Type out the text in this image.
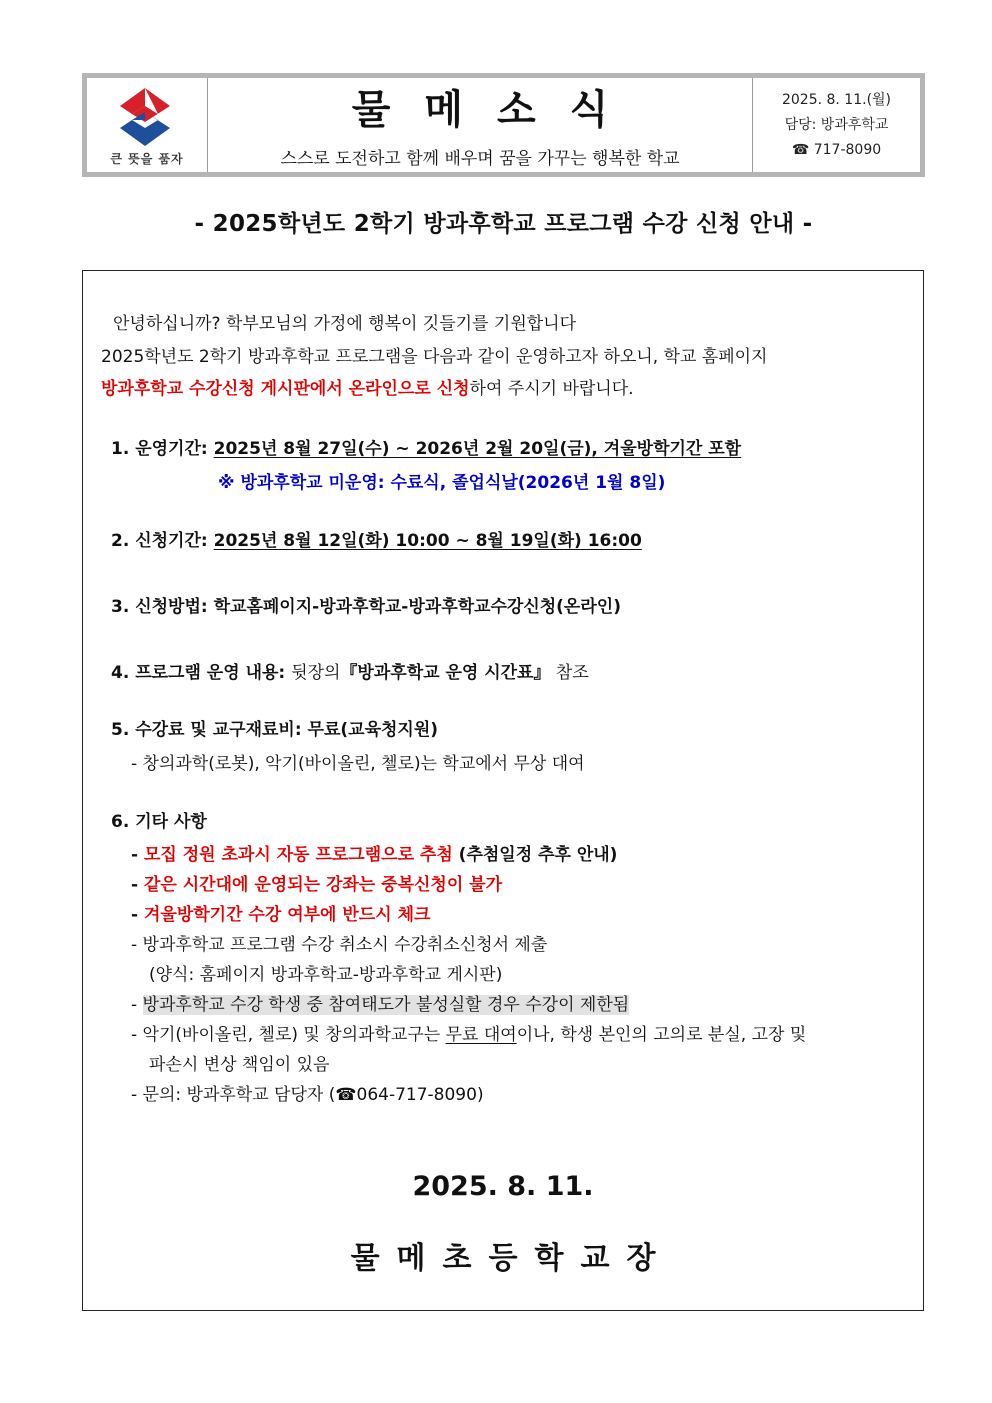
큰 뜻을 품자
물메소식
스스로 도전하고 함께 배우며 꿈을 가꾸는 행복한 학교
2025. 8. 11.(월)
담당: 방과후학교
☎ 717-8090
- 2025학년도 2학기 방과후학교 프로그램 수강 신청 안내 -
안녕하십니까? 학부모님의 가정에 행복이 깃들기를 기원합니다
2025학년도 2학기 방과후학교 프로그램을 다음과 같이 운영하고자 하오니, 학교 홈페이지
방과후학교 수강신청 게시판에서 온라인으로 신청하여 주시기 바랍니다.
1. 운영기간: 2025년 8월 27일(수) ~ 2026년 2월 20일(금), 겨울방학기간 포함
※ 방과후학교 미운영: 수료식, 졸업식날(2026년 1월 8일)
2. 신청기간: 2025년 8월 12일(화) 10:00 ~ 8월 19일(화) 16:00
3. 신청방법: 학교홈페이지-방과후학교-방과후학교수강신청(온라인)
4. 프로그램 운영 내용: 뒷장의『방과후학교 운영 시간표』 참조
5. 수강료 및 교구재료비: 무료(교육청지원)
- 창의과학(로봇), 악기(바이올린, 첼로)는 학교에서 무상 대여
6. 기타 사항
- 모집 정원 초과시 자동 프로그램으로 추첨 (추첨일정 추후 안내)
- 같은 시간대에 운영되는 강좌는 중복신청이 불가
- 겨울방학기간 수강 여부에 반드시 체크
- 방과후학교 프로그램 수강 취소시 수강취소신청서 제출
(양식: 홈페이지 방과후학교-방과후학교 게시판)
- 방과후학교 수강 학생 중 참여태도가 불성실할 경우 수강이 제한됨
- 악기(바이올린, 첼로) 및 창의과학교구는 무료 대여이나, 학생 본인의 고의로 분실, 고장 및
파손시 변상 책임이 있음
- 문의: 방과후학교 담당자 (☎064-717-8090)
2025. 8. 11.
물메초등학교장
